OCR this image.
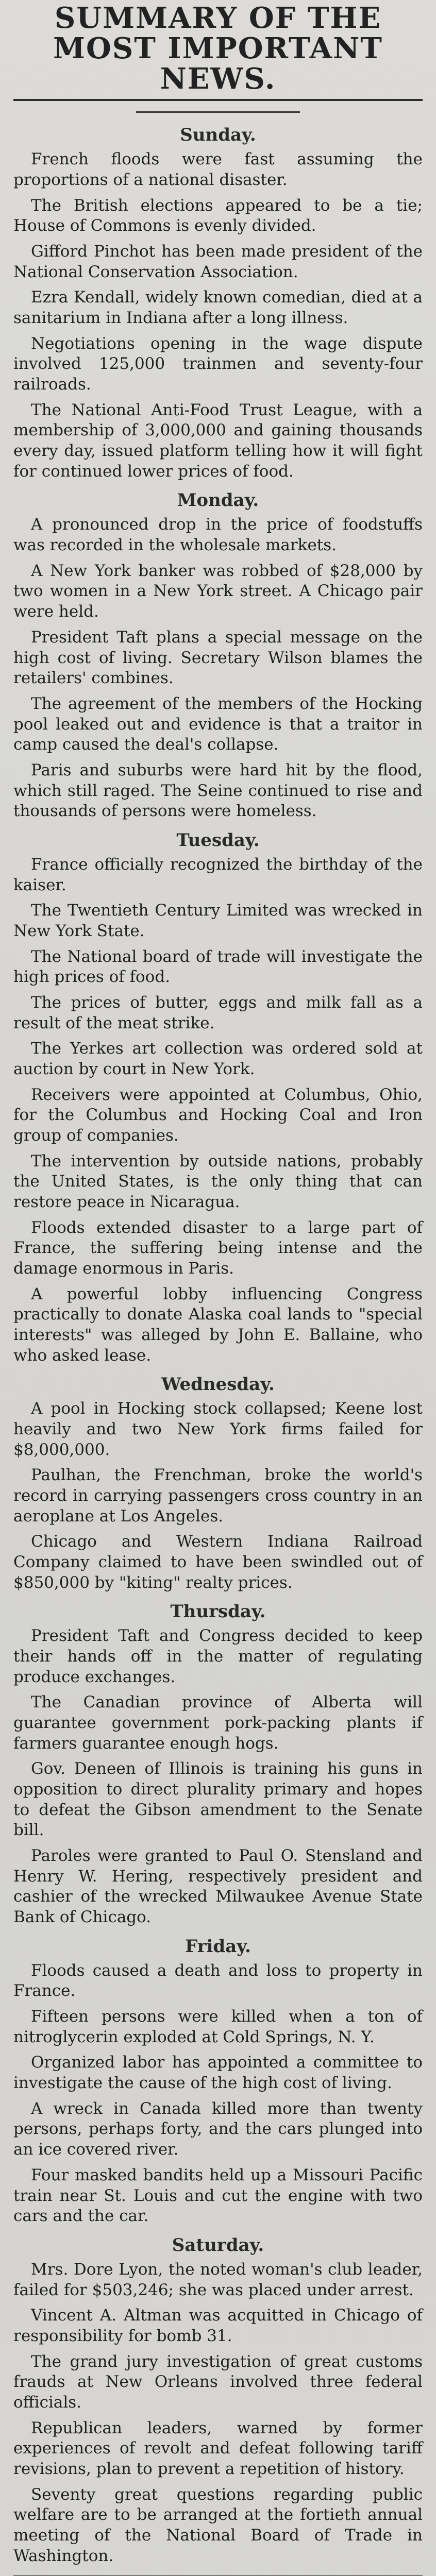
SUMMARY OF THE
MOST IMPORTANT NEWS.
Sunday.

French floods were fast assuming the proportions of a national disaster.

The British elections appeared to be a tie; House of Commons is evenly divided.

Gifford Pinchot has been made president of the National Conservation Association.

Ezra Kendall, widely known comedian, died at a sanitarium in Indiana after a long illness.

Negotiations opening in the wage dispute involved 125,000 trainmen and seventy-four railroads.

The National Anti-Food Trust League, with a membership of 3,000,000 and gaining thousands every day, issued platform telling how it will fight for continued lower prices of food.

Monday.

A pronounced drop in the price of foodstuffs was recorded in the wholesale markets.

A New York banker was robbed of $28,000 by two women in a New York street. A Chicago pair were held.

President Taft plans a special message on the high cost of living. Secretary Wilson blames the retailers' combines.

The agreement of the members of the Hocking pool leaked out and evidence is that a traitor in camp caused the deal's collapse.

Paris and suburbs were hard hit by the flood, which still raged. The Seine continued to rise and thousands of persons were homeless.

Tuesday.

France officially recognized the birthday of the kaiser.

The Twentieth Century Limited was wrecked in New York State.

The National board of trade will investigate the high prices of food.

The prices of butter, eggs and milk fall as a result of the meat strike.

The Yerkes art collection was ordered sold at auction by court in New York.

Receivers were appointed at Columbus, Ohio, for the Columbus and Hocking Coal and Iron group of companies.

The intervention by outside nations, probably the United States, is the only thing that can restore peace in Nicaragua.

Floods extended disaster to a large part of France, the suffering being intense and the damage enormous in Paris.

A powerful lobby influencing Congress practically to donate Alaska coal lands to "special interests" was alleged by John E. Ballaine, who who asked lease.

Wednesday.

A pool in Hocking stock collapsed; Keene lost heavily and two New York firms failed for $8,000,000.

Paulhan, the Frenchman, broke the world's record in carrying passengers cross country in an aeroplane at Los Angeles.

Chicago and Western Indiana Railroad Company claimed to have been swindled out of $850,000 by "kiting" realty prices.

Thursday.

President Taft and Congress decided to keep their hands off in the matter of regulating produce exchanges.

The Canadian province of Alberta will guarantee government pork-packing plants if farmers guarantee enough hogs.

Gov. Deneen of Illinois is training his guns in opposition to direct plurality primary and hopes to defeat the Gibson amendment to the Senate bill.

Paroles were granted to Paul O. Stensland and Henry W. Hering, respectively president and cashier of the wrecked Milwaukee Avenue State Bank of Chicago.

Friday.

Floods caused a death and loss to property in France.

Fifteen persons were killed when a ton of nitroglycerin exploded at Cold Springs, N. Y.

Organized labor has appointed a committee to investigate the cause of the high cost of living.

A wreck in Canada killed more than twenty persons, perhaps forty, and the cars plunged into an ice covered river.

Four masked bandits held up a Missouri Pacific train near St. Louis and cut the engine with two cars and the car.

Saturday.

Mrs. Dore Lyon, the noted woman's club leader, failed for $503,246; she was placed under arrest.

Vincent A. Altman was acquitted in Chicago of responsibility for bomb 31.

The grand jury investigation of great customs frauds at New Orleans involved three federal officials.

Republican leaders, warned by former experiences of revolt and defeat following tariff revisions, plan to prevent a repetition of history.

Seventy great questions regarding public welfare are to be arranged at the fortieth annual meeting of the National Board of Trade in Washington.
